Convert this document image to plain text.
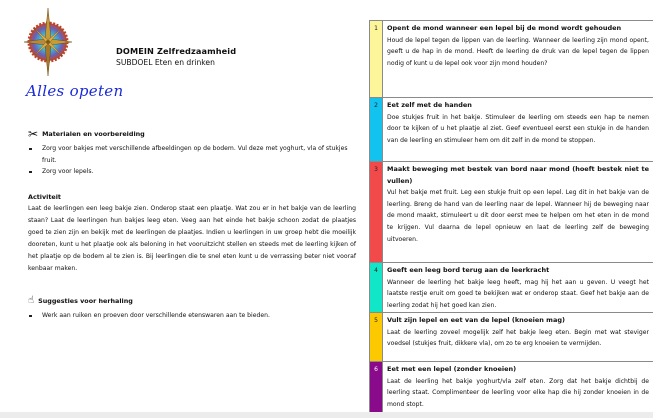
DOMEIN Zelfredzaamheid
SUBDOEL Eten en drinken
Alles opeten
✂ Materialen en voorbereiding
Zorg voor bakjes met verschillende afbeeldingen op de bodem. Vul deze met yoghurt, vla of stukjes fruit.
Zorg voor lepels.
Activiteit
Laat de leerlingen een leeg bakje zien. Onderop staat een plaatje. Wat zou er in het bakje van de leerling staan? Laat de leerlingen hun bakjes leeg eten. Veeg aan het einde het bakje schoon zodat de plaatjes goed te zien zijn en bekijk met de leerlingen de plaatjes. Indien u leerlingen in uw groep hebt die moeilijk dooreten, kunt u het plaatje ook als beloning in het vooruitzicht stellen en steeds met de leerling kijken of het plaatje op de bodem al te zien is. Bij leerlingen die te snel eten kunt u de verrassing beter niet vooraf kenbaar maken.
☝ Suggesties voor herhaling
Werk aan ruiken en proeven door verschillende etenswaren aan te bieden.
1	Opent de mond wanneer een lepel bij de mond wordt gehouden
Houd de lepel tegen de lippen van de leerling. Wanneer de leerling zijn mond opent, geeft u de hap in de mond. Heeft de leerling de druk van de lepel tegen de lippen nodig of kunt u de lepel ook voor zijn mond houden?
2	Eet zelf met de handen
Doe stukjes fruit in het bakje. Stimuleer de leerling om steeds een hap te nemen door te kijken of u het plaatje al ziet. Geef eventueel eerst een stukje in de handen van de leerling en stimuleer hem om dit zelf in de mond te stoppen.
3	Maakt beweging met bestek van bord naar mond (hoeft bestek niet te vullen)
Vul het bakje met fruit. Leg een stukje fruit op een lepel. Leg dit in het bakje van de leerling. Breng de hand van de leerling naar de lepel. Wanneer hij de beweging naar de mond maakt, stimuleert u dit door eerst mee te helpen om het eten in de mond te krijgen. Vul daarna de lepel opnieuw en laat de leerling zelf de beweging uitvoeren.
4	Geeft een leeg bord terug aan de leerkracht
Wanneer de leerling het bakje leeg heeft, mag hij het aan u geven. U veegt het laatste restje eruit om goed te bekijken wat er onderop staat. Geef het bakje aan de leerling zodat hij het goed kan zien.
5	Vult zijn lepel en eet van de lepel (knoeien mag)
Laat de leerling zoveel mogelijk zelf het bakje leeg eten. Begin met wat steviger voedsel (stukjes fruit, dikkere vla), om zo te erg knoeien te vermijden.
6	Eet met een lepel (zonder knoeien)
Laat de leerling het bakje yoghurt/vla zelf eten. Zorg dat het bakje dichtbij de leerling staat. Complimenteer de leerling voor elke hap die hij zonder knoeien in de mond stopt.
